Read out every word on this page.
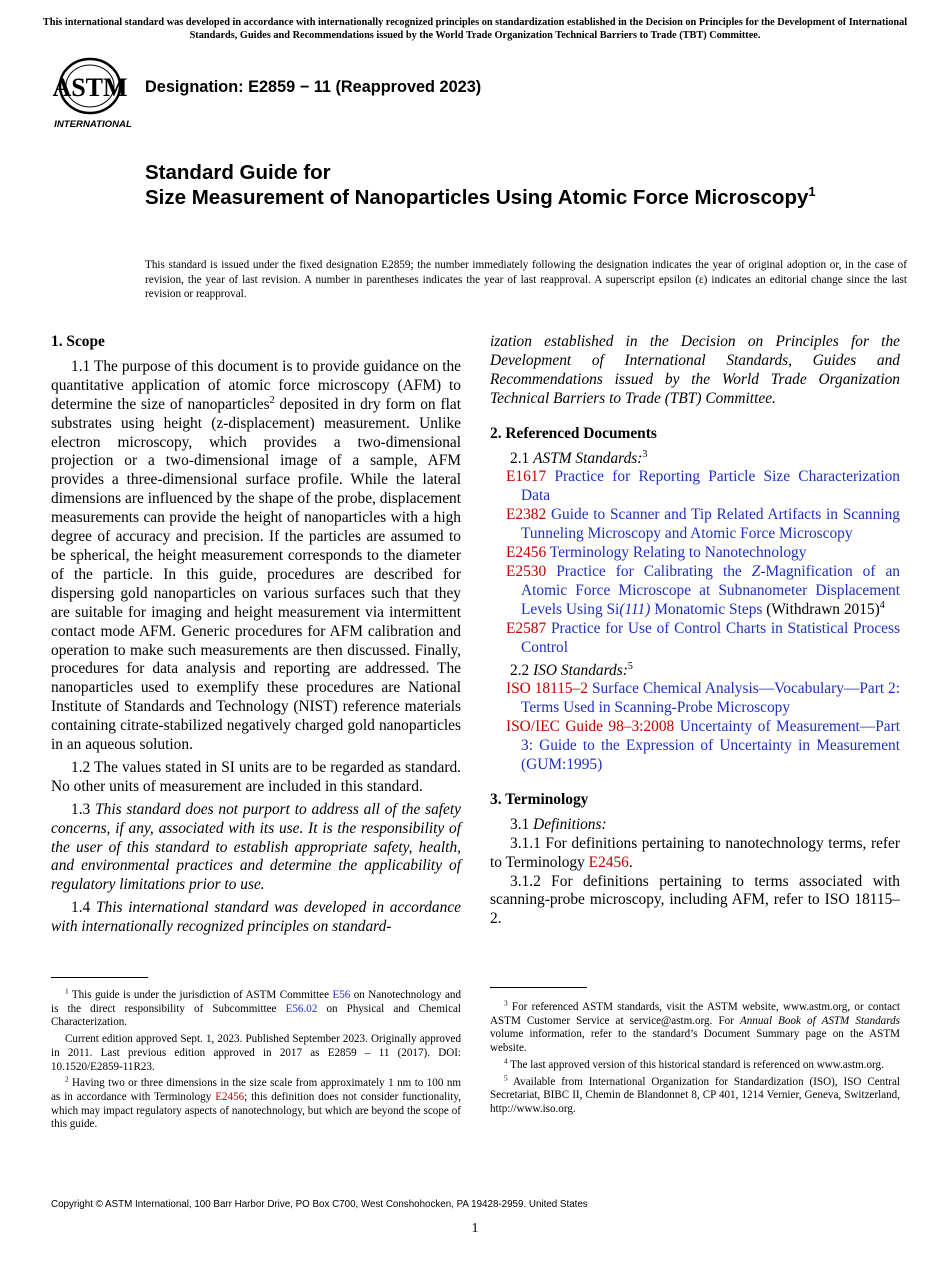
This international standard was developed in accordance with internationally recognized principles on standardization established in the Decision on Principles for the Development of International Standards, Guides and Recommendations issued by the World Trade Organization Technical Barriers to Trade (TBT) Committee.
ASTM
INTERNATIONAL
Designation: E2859 − 11 (Reapproved 2023)
Standard Guide for
Size Measurement of Nanoparticles Using Atomic Force Microscopy$^1$
This standard is issued under the fixed designation E2859; the number immediately following the designation indicates the year of original adoption or, in the case of revision, the year of last revision. A number in parentheses indicates the year of last reapproval. A superscript epsilon (ε) indicates an editorial change since the last revision or reapproval.

1. Scope

1.1 The purpose of this document is to provide guidance on the quantitative application of atomic force microscopy (AFM) to determine the size of nanoparticles$^2$ deposited in dry form on flat substrates using height (z-displacement) measurement. Unlike electron microscopy, which provides a two-dimensional projection or a two-dimensional image of a sample, AFM provides a three-dimensional surface profile. While the lateral dimensions are influenced by the shape of the probe, displacement measurements can provide the height of nanoparticles with a high degree of accuracy and precision. If the particles are assumed to be spherical, the height measurement corresponds to the diameter of the particle. In this guide, procedures are described for dispersing gold nanoparticles on various surfaces such that they are suitable for imaging and height measurement via intermittent contact mode AFM. Generic procedures for AFM calibration and operation to make such measurements are then discussed. Finally, procedures for data analysis and reporting are addressed. The nanoparticles used to exemplify these procedures are National Institute of Standards and Technology (NIST) reference materials containing citrate-stabilized negatively charged gold nanoparticles in an aqueous solution.

1.2 The values stated in SI units are to be regarded as standard. No other units of measurement are included in this standard.

1.3 This standard does not purport to address all of the safety concerns, if any, associated with its use. It is the responsibility of the user of this standard to establish appropriate safety, health, and environmental practices and determine the applicability of regulatory limitations prior to use.

1.4 This international standard was developed in accordance with internationally recognized principles on standard-

$^1$ This guide is under the jurisdiction of ASTM Committee E56 on Nanotechnology and is the direct responsibility of Subcommittee E56.02 on Physical and Chemical Characterization.

Current edition approved Sept. 1, 2023. Published September 2023. Originally approved in 2011. Last previous edition approved in 2017 as E2859 – 11 (2017). DOI: 10.1520/E2859-11R23.

$^2$ Having two or three dimensions in the size scale from approximately 1 nm to 100 nm as in accordance with Terminology E2456; this definition does not consider functionality, which may impact regulatory aspects of nanotechnology, but which are beyond the scope of this guide.

ization established in the Decision on Principles for the Development of International Standards, Guides and Recommendations issued by the World Trade Organization Technical Barriers to Trade (TBT) Committee.

2. Referenced Documents

2.1 ASTM Standards:$^3$

E1617 Practice for Reporting Particle Size Characterization Data

E2382 Guide to Scanner and Tip Related Artifacts in Scanning Tunneling Microscopy and Atomic Force Microscopy

E2456 Terminology Relating to Nanotechnology

E2530 Practice for Calibrating the Z-Magnification of an Atomic Force Microscope at Subnanometer Displacement Levels Using Si(111) Monatomic Steps (Withdrawn 2015)$^4$

E2587 Practice for Use of Control Charts in Statistical Process Control

2.2 ISO Standards:$^5$

ISO 18115–2 Surface Chemical Analysis—Vocabulary—Part 2: Terms Used in Scanning-Probe Microscopy

ISO/IEC Guide 98–3:2008 Uncertainty of Measurement—Part 3: Guide to the Expression of Uncertainty in Measurement (GUM:1995)

3. Terminology

3.1 Definitions:

3.1.1 For definitions pertaining to nanotechnology terms, refer to Terminology E2456.

3.1.2 For definitions pertaining to terms associated with scanning-probe microscopy, including AFM, refer to ISO 18115–2.

$^3$ For referenced ASTM standards, visit the ASTM website, www.astm.org, or contact ASTM Customer Service at service@astm.org. For Annual Book of ASTM Standards volume information, refer to the standard’s Document Summary page on the ASTM website.

$^4$ The last approved version of this historical standard is referenced on www.astm.org.

$^5$ Available from International Organization for Standardization (ISO), ISO Central Secretariat, BIBC II, Chemin de Blandonnet 8, CP 401, 1214 Vernier, Geneva, Switzerland, http://www.iso.org.

Copyright © ASTM International, 100 Barr Harbor Drive, PO Box C700, West Conshohocken, PA 19428-2959. United States
1
